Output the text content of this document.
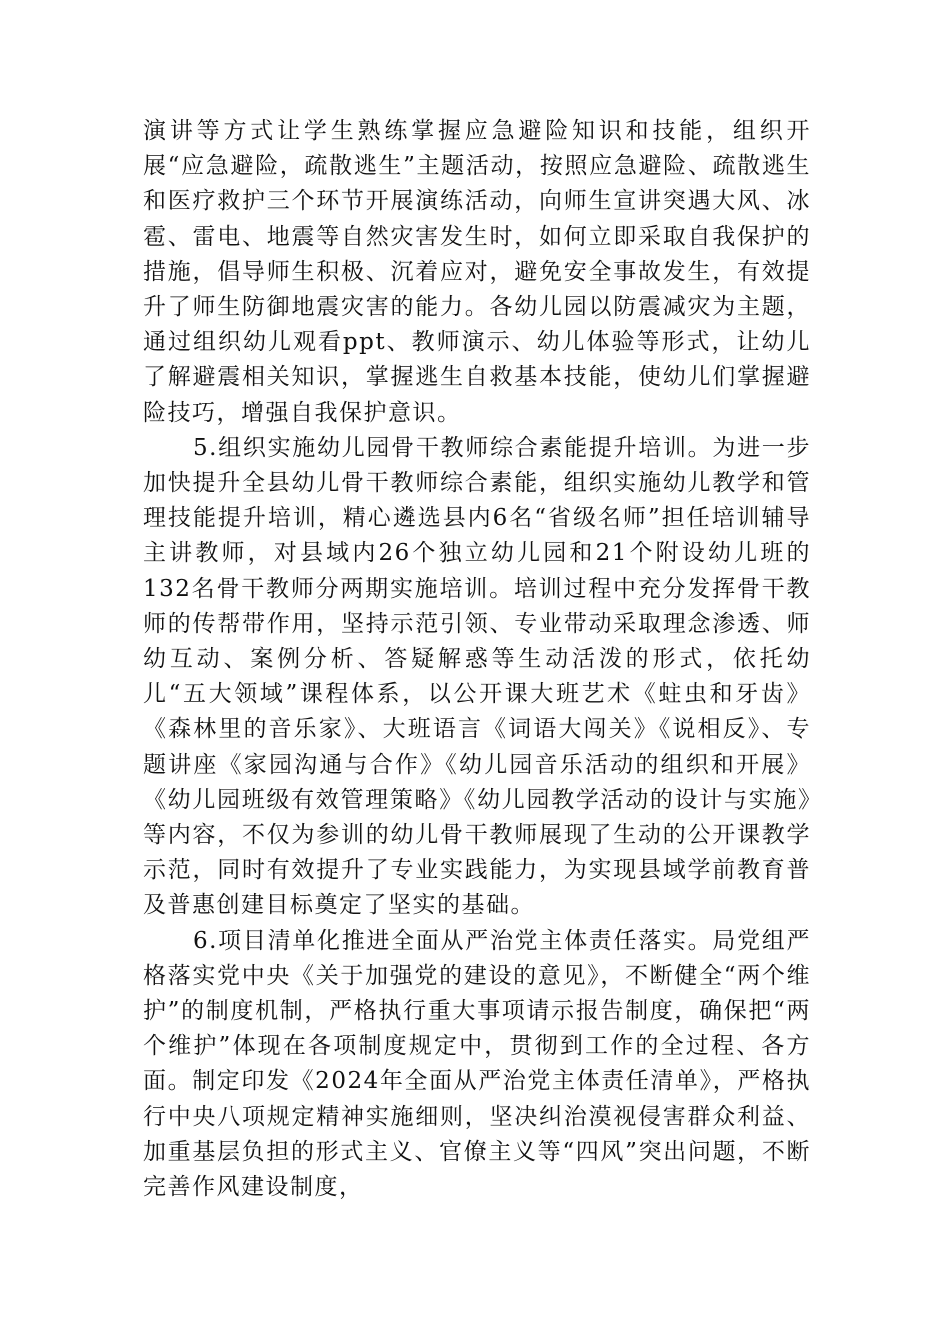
演讲等方式让学生熟练掌握应急避险知识和技能，组织开展“应急避险，疏散逃生”主题活动，按照应急避险、疏散逃生和医疗救护三个环节开展演练活动，向师生宣讲突遇大风、冰雹、雷电、地震等自然灾害发生时，如何立即采取自我保护的措施，倡导师生积极、沉着应对，避免安全事故发生，有效提升了师生防御地震灾害的能力。各幼儿园以防震减灾为主题，通过组织幼儿观看ppt、教师演示、幼儿体验等形式，让幼儿了解避震相关知识，掌握逃生自救基本技能，使幼儿们掌握避险技巧，增强自我保护意识。

5.组织实施幼儿园骨干教师综合素能提升培训。为进一步加快提升全县幼儿骨干教师综合素能，组织实施幼儿教学和管理技能提升培训，精心遴选县内6名“省级名师”担任培训辅导主讲教师，对县域内26个独立幼儿园和21个附设幼儿班的132名骨干教师分两期实施培训。培训过程中充分发挥骨干教师的传帮带作用，坚持示范引领、专业带动采取理念渗透、师幼互动、案例分析、答疑解惑等生动活泼的形式，依托幼儿“五大领域”课程体系，以公开课大班艺术《蛀虫和牙齿》《森林里的音乐家》、大班语言《词语大闯关》《说相反》、专题讲座《家园沟通与合作》《幼儿园音乐活动的组织和开展》《幼儿园班级有效管理策略》《幼儿园教学活动的设计与实施》等内容，不仅为参训的幼儿骨干教师展现了生动的公开课教学示范，同时有效提升了专业实践能力，为实现县域学前教育普及普惠创建目标奠定了坚实的基础。

6.项目清单化推进全面从严治党主体责任落实。局党组严格落实党中央《关于加强党的建设的意见》，不断健全“两个维护”的制度机制，严格执行重大事项请示报告制度，确保把“两个维护”体现在各项制度规定中，贯彻到工作的全过程、各方面。制定印发《2024年全面从严治党主体责任清单》，严格执行中央八项规定精神实施细则，坚决纠治漠视侵害群众利益、加重基层负担的形式主义、官僚主义等“四风”突出问题，不断完善作风建设制度，
